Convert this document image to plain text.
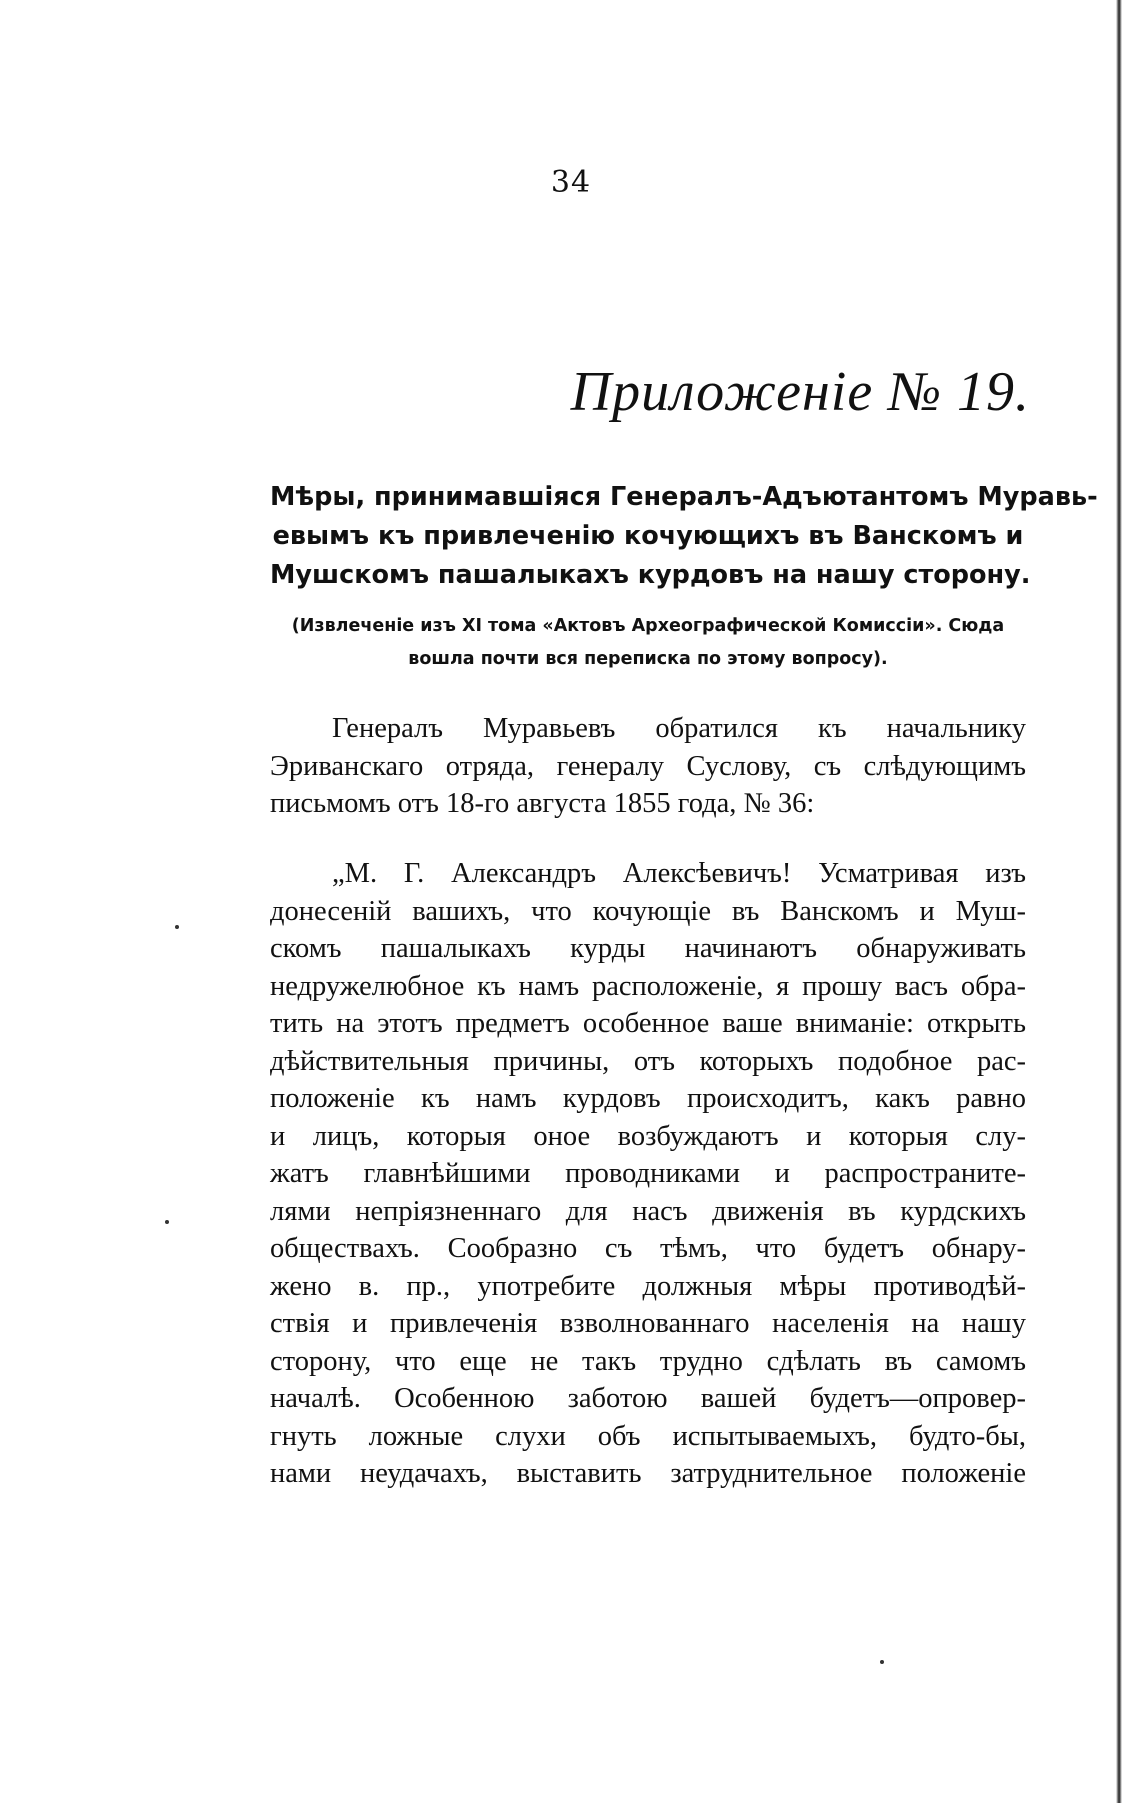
34
Приложеніе № 19.
Мѣры, принимавшіяся Генералъ-Адъютантомъ Муравь-
евымъ къ привлеченію кочующихъ въ Ванскомъ и
Мушскомъ пашалыкахъ курдовъ на нашу сторону.
(Извлеченіе изъ XI тома «Актовъ Археографической Комиссіи». Сюда
вошла почти вся переписка по этому вопросу).
Генералъ Муравьевъ обратился къ начальнику
Эриванскаго отряда, генералу Суслову, съ слѣдующимъ
письмомъ отъ 18-го августа 1855 года, № 36:
„М. Г. Александръ Алексѣевичъ! Усматривая изъ
донесеній вашихъ, что кочующіе въ Ванскомъ и Муш-
скомъ пашалыкахъ курды начинаютъ обнаруживать
недружелюбное къ намъ расположеніе, я прошу васъ обра-
тить на этотъ предметъ особенное ваше вниманіе: открыть
дѣйствительныя причины, отъ которыхъ подобное рас-
положеніе къ намъ курдовъ происходитъ, какъ равно
и лицъ, которыя оное возбуждаютъ и которыя слу-
жатъ главнѣйшими проводниками и распространите-
лями непріязненнаго для насъ движенія въ курдскихъ
обществахъ. Сообразно съ тѣмъ, что будетъ обнару-
жено в. пр., употребите должныя мѣры противодѣй-
ствія и привлеченія взволнованнаго населенія на нашу
сторону, что еще не такъ трудно сдѣлать въ самомъ
началѣ. Особенною заботою вашей будетъ—опровер-
гнуть ложные слухи объ испытываемыхъ, будто-бы,
нами неудачахъ, выставить затруднительное положеніе
